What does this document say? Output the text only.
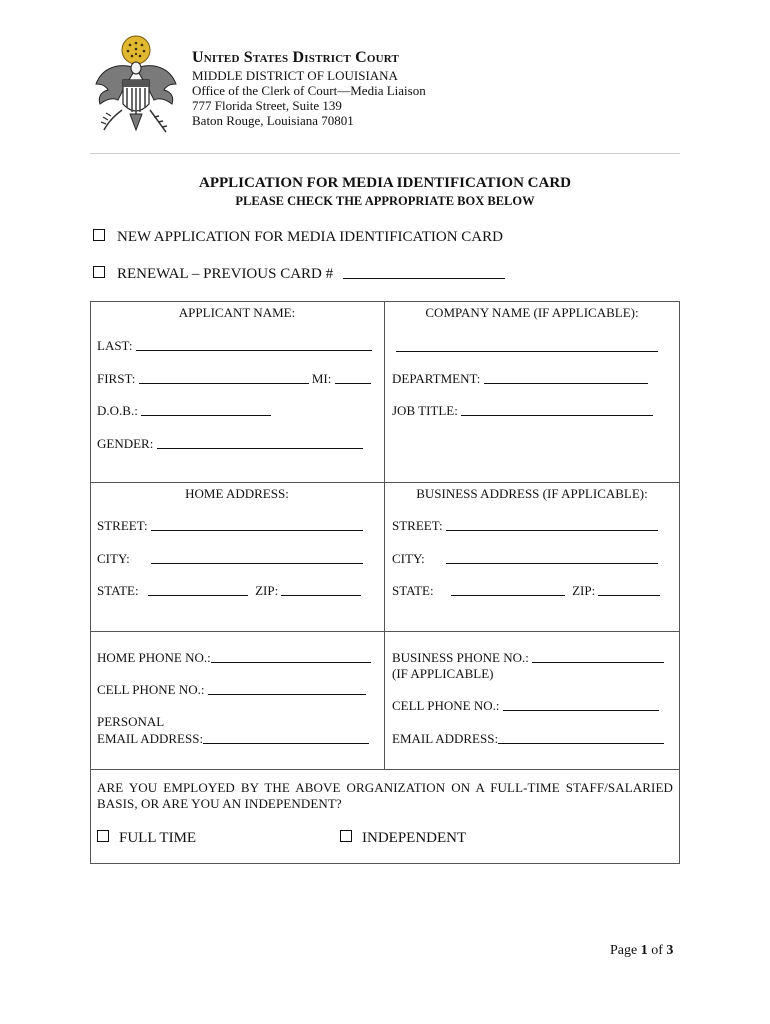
United States District Court
MIDDLE DISTRICT OF LOUISIANA
Office of the Clerk of Court—Media Liaison
777 Florida Street, Suite 139
Baton Rouge, Louisiana 70801
APPLICATION FOR MEDIA IDENTIFICATION CARD
PLEASE CHECK THE APPROPRIATE BOX BELOW
NEW APPLICATION FOR MEDIA IDENTIFICATION CARD
RENEWAL – PREVIOUS CARD #
APPLICANT NAME:
LAST:
FIRST:	MI:
D.O.B.:
GENDER:
COMPANY NAME (IF APPLICABLE):
DEPARTMENT:
JOB TITLE:
HOME ADDRESS:
STREET:
CITY:
STATE:	ZIP:
BUSINESS ADDRESS (IF APPLICABLE):
STREET:
CITY:
STATE:	ZIP:
HOME PHONE NO.:
CELL PHONE NO.:
PERSONAL
EMAIL ADDRESS:
BUSINESS PHONE NO.:
(IF APPLICABLE)
CELL PHONE NO.:
EMAIL ADDRESS:
ARE YOU EMPLOYED BY THE ABOVE ORGANIZATION ON A FULL-TIME STAFF/SALARIED BASIS, OR ARE YOU AN INDEPENDENT?
FULL TIME	INDEPENDENT
Page 1 of 3
